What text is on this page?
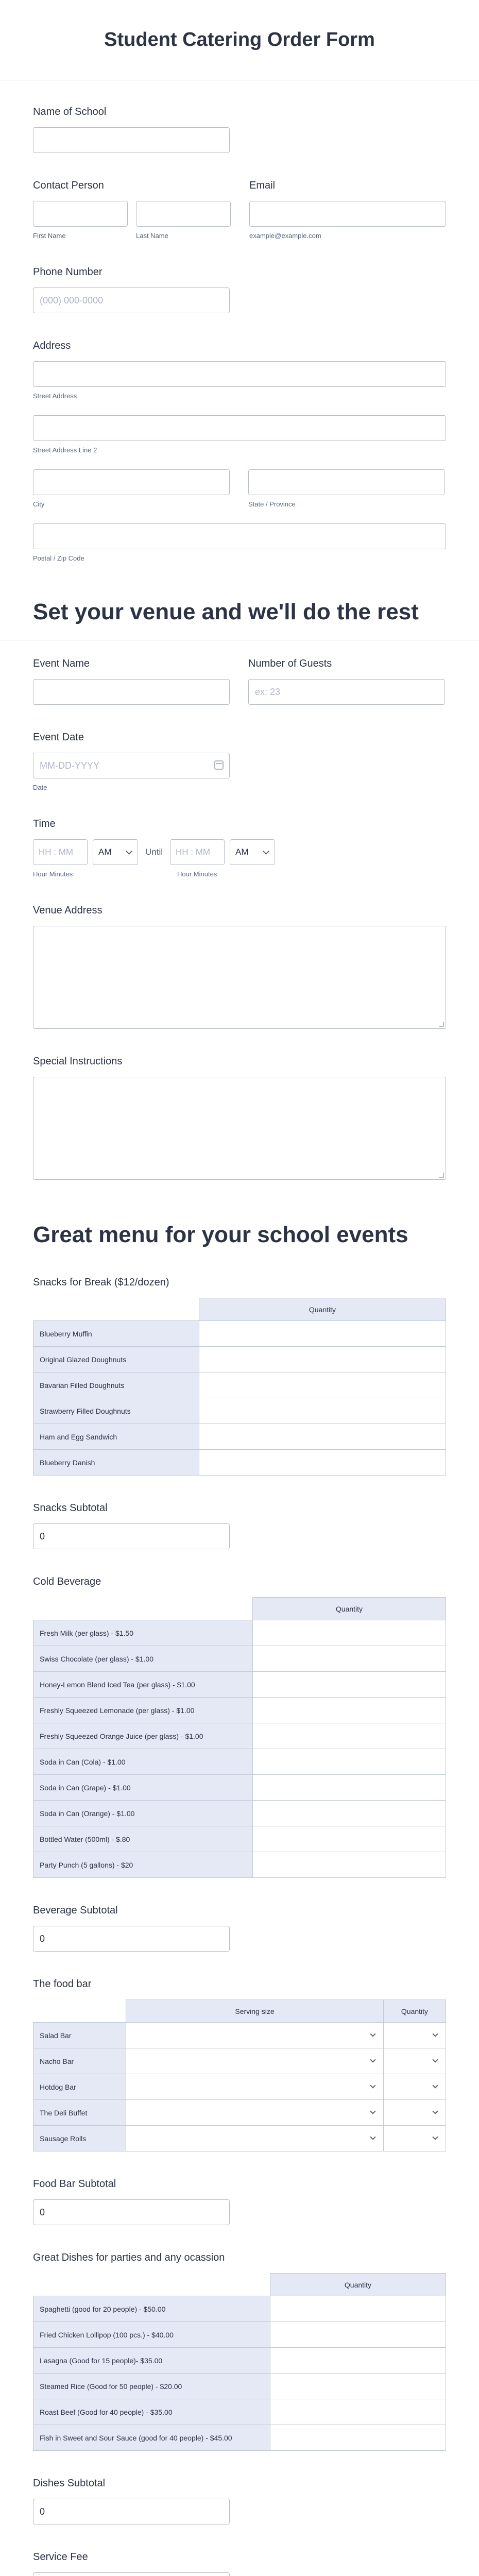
Student Catering Order Form
Name of School
Contact Person
First Name	Last Name
Email
example@example.com
Phone Number
(000) 000-0000
Address
Street Address
Street Address Line 2
City	State / Province
Postal / Zip Code
Set your venue and we'll do the rest
Event Name	Number of Guests
ex: 23
Event Date
MM-DD-YYYY
Date
Time
HH : MM	AM	Until	HH : MM	AM
Hour Minutes	Hour Minutes
Venue Address
Special Instructions
Great menu for your school events
Snacks for Break ($12/dozen)
	Quantity
Blueberry Muffin	
Original Glazed Doughnuts	
Bavarian Filled Doughnuts	
Strawberry Filled Doughnuts	
Ham and Egg Sandwich	
Blueberry Danish	
Snacks Subtotal
0
Cold Beverage
	Quantity
Fresh Milk (per glass) - $1.50	
Swiss Chocolate (per glass) - $1.00	
Honey-Lemon Blend Iced Tea (per glass) - $1.00	
Freshly Squeezed Lemonade (per glass) - $1.00	
Freshly Squeezed Orange Juice (per glass) - $1.00	
Soda in Can (Cola) - $1.00	
Soda in Can (Grape) - $1.00	
Soda in Can (Orange) - $1.00	
Bottled Water (500ml) - $.80	
Party Punch (5 gallons) - $20	
Beverage Subtotal
0
The food bar
	Serving size	Quantity
Salad Bar	

Nacho Bar	

Hotdog Bar	

The Deli Buffet	

Sausage Rolls	

Food Bar Subtotal
0
Great Dishes for parties and any ocassion
	Quantity
Spaghetti (good for 20 people) - $50.00	
Fried Chicken Lollipop (100 pcs.) - $40.00	
Lasagna (Good for 15 people)- $35.00	
Steamed Rice (Good for 50 people) - $20.00	
Roast Beef (Good for 40 people) - $35.00	
Fish in Sweet and Sour Sauce (good for 40 people) - $45.00	
Dishes Subtotal
0
Service Fee
